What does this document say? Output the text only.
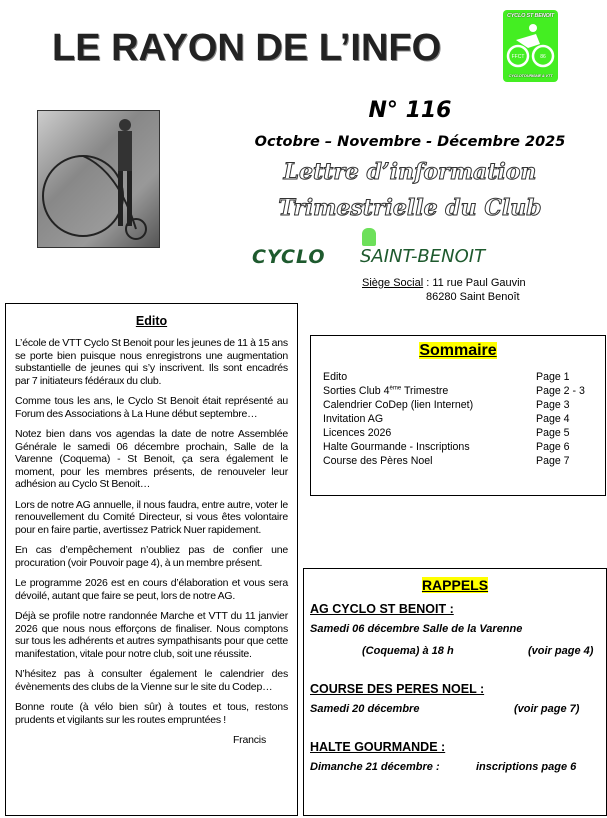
LE RAYON DE L’INFO
CYCLO ST BENOIT
FFCT	86
CYCLOTOURISME & VTT
N° 116
Octobre – Novembre - Décembre 2025
Lettre d’information
Trimestrielle du Club
CYCLO SAINT-BENOIT
Siège Social : 11 rue Paul Gauvin
86280 Saint Benoît
Edito

L’école de VTT Cyclo St Benoit pour les jeunes de 11 à 15 ans se porte bien puisque nous enregistrons une augmentation substantielle de jeunes qui s’y inscrivent. Ils sont encadrés par 7 initiateurs fédéraux du club.

Comme tous les ans, le Cyclo St Benoit était représenté au Forum des Associations à La Hune début septembre…

Notez bien dans vos agendas la date de notre Assemblée Générale le samedi 06 décembre prochain, Salle de la Varenne (Coquema) - St Benoit, ça sera également le moment, pour les membres présents, de renouveler leur adhésion au Cyclo St Benoit…

Lors de notre AG annuelle, il nous faudra, entre autre, voter le renouvellement du Comité Directeur, si vous êtes volontaire pour en faire partie, avertissez Patrick Nuer rapidement.

En cas d’empêchement n’oubliez pas de confier une procuration (voir Pouvoir page 4), à un membre présent.

Le programme 2026 est en cours d’élaboration et vous sera dévoilé, autant que faire se peut, lors de notre AG.

Déjà se profile notre randonnée Marche et VTT du 11 janvier 2026 que nous nous efforçons de finaliser. Nous comptons sur tous les adhérents et autres sympathisants pour que cette manifestation, vitale pour notre club, soit une réussite.

N’hésitez pas à consulter également le calendrier des évènements des clubs de la Vienne sur le site du Codep…

Bonne route (à vélo bien sûr) à toutes et tous, restons prudents et vigilants sur les routes empruntées !

Francis

Sommaire
Edito	Page 1
Sorties Club 4ème Trimestre	Page 2 - 3
Calendrier CoDep (lien Internet)	Page 3
Invitation AG	Page 4
Licences 2026	Page 5
Halte Gourmande - Inscriptions	Page 6
Course des Pères Noel	Page 7
RAPPELS
AG CYCLO ST BENOIT :
Samedi 06 décembre Salle de la Varenne
(Coquema) à 18 h	(voir page 4)
COURSE DES PERES NOEL :
Samedi 20 décembre	(voir page 7)
HALTE GOURMANDE :
Dimanche 21 décembre :	inscriptions page 6
